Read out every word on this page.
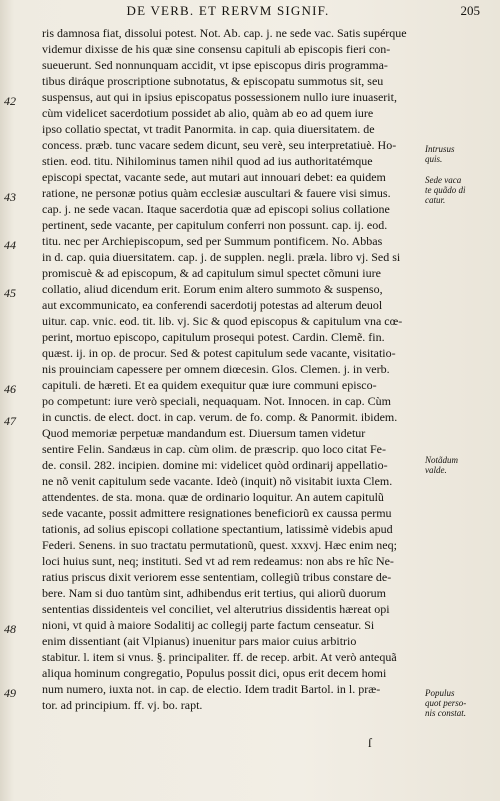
DE VERB. ET RERVM SIGNIF.	205
ris damnosa fiat, dissolui potest. Not. Ab. cap. j. ne sede vac. Satis supérque
videmur dixisse de his quæ sine consensu capituli ab episcopis fieri con-
sueuerunt. Sed nonnunquam accidit, vt ipse episcopus diris programma-
tibus diráque proscriptione subnotatus, & episcopatu summotus sit, seu
suspensus, aut qui in ipsius episcopatus possessionem nullo iure inuaserit,
cùm videlicet sacerdotium possidet ab alio, quàm ab eo ad quem iure
ipso collatio spectat, vt tradit Panormita. in cap. quia diuersitatem. de
concess. præb. tunc vacare sedem dicunt, seu verè, seu interpretatiuè. Ho-
stien. eod. titu. Nihilominus tamen nihil quod ad ius authoritatémque
episcopi spectat, vacante sede, aut mutari aut innouari debet: ea quidem
ratione, ne personæ potius quàm ecclesiæ auscultari & fauere visi simus.
cap. j. ne sede vacan. Itaque sacerdotia quæ ad episcopi solius collatione
pertinent, sede vacante, per capitulum conferri non possunt. cap. ij. eod.
titu. nec per Archiepiscopum, sed per Summum pontificem. No. Abbas
in d. cap. quia diuersitatem. cap. j. de supplen. negli. præla. libro vj. Sed si
promiscuè & ad episcopum, & ad capitulum simul spectet cõmuni iure
collatio, aliud dicendum erit. Eorum enim altero summoto & suspenso,
aut excommunicato, ea conferendi sacerdotij potestas ad alterum deuol
uitur. cap. vnic. eod. tit. lib. vj. Sic & quod episcopus & capitulum vna cœ-
perint, mortuo episcopo, capitulum prosequi potest. Cardin. Clemẽ. fin.
quæst. ij. in op. de procur. Sed & potest capitulum sede vacante, visitatio-
nis prouinciam capessere per omnem diœcesin. Glos. Clemen. j. in verb.
capituli. de hæreti. Et ea quidem exequitur quæ iure communi episco-
po competunt: iure verò speciali, nequaquam. Not. Innocen. in cap. Cùm
in cunctis. de elect. doct. in cap. verum. de fo. comp. & Panormit. ibidem.
Quod memoriæ perpetuæ mandandum est. Diuersum tamen videtur
sentire Felin. Sandæus in cap. cùm olim. de præscrip. quo loco citat Fe-
de. consil. 282. incipien. domine mi: videlicet quòd ordinarij appellatio-
ne nõ venit capitulum sede vacante. Ideò (inquit) nõ visitabit iuxta Clem.
attendentes. de sta. mona. quæ de ordinario loquitur. An autem capitulũ
sede vacante, possit admittere resignationes beneficiorũ ex caussa permu
tationis, ad solius episcopi collatione spectantium, latissimè videbis apud
Federi. Senens. in suo tractatu permutationũ, quest. xxxvj. Hæc enim neq;
loci huius sunt, neq; instituti. Sed vt ad rem redeamus: non abs re hîc Ne-
ratius priscus dixit veriorem esse sententiam, collegiũ tribus constare de-
bere. Nam si duo tantùm sint, adhibendus erit tertius, qui aliorũ duorum
sententias dissidenteis vel conciliet, vel alterutrius dissidentis hæreat opi
nioni, vt quid à maiore Sodalitij ac collegij parte factum censeatur. Si
enim dissentiant (ait Vlpianus) inuenitur pars maior cuius arbitrio
stabitur. l. item si vnus. §. principaliter. ff. de recep. arbit. At verò antequã
aliqua hominum congregatio, Populus possit dici, opus erit decem homi
num numero, iuxta not. in cap. de electio. Idem tradit Bartol. in l. præ-
tor. ad principium. ff. vj. bo. rapt.
42
43
44
45
46
47
48
49
Intrusus
quis.
Sede vaca
te quãdo di
catur.
Notãdum
valde.
Populus
quot perso-
nis constat.
ſ
